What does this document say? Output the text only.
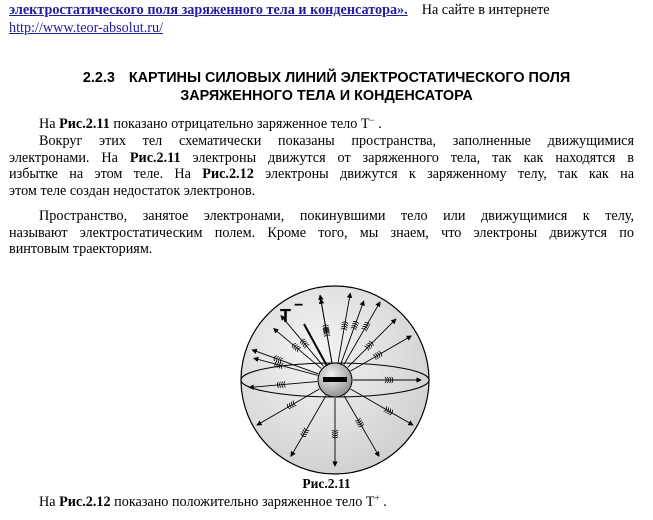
электростатического поля заряженного тела и конденсатора». На сайте в интернете
http://www.teor-absolut.ru/
2.2.3 КАРТИНЫ СИЛОВЫХ ЛИНИЙ ЭЛЕКТРОСТАТИЧЕСКОГО ПОЛЯ
ЗАРЯЖЕННОГО ТЕЛА И КОНДЕНСАТОРА
На Рис.2.11 показано отрицательно заряженное тело Т− .
Вокруг этих тел схематически показаны пространства, заполненные движущимися
электронами. На Рис.2.11 электроны движутся от заряженного тела, так как находятся в
избытке на этом теле. На Рис.2.12 электроны движутся к заряженному телу, так как на
этом теле создан недостаток электронов.
Пространство, занятое электронами, покинувшими тело или движущимися к телу,
называют электростатическим полем. Кроме того, мы знаем, что электроны движутся по
винтовым траекториям.
Т
−
Рис.2.11
На Рис.2.12 показано положительно заряженное тело Т+ .
